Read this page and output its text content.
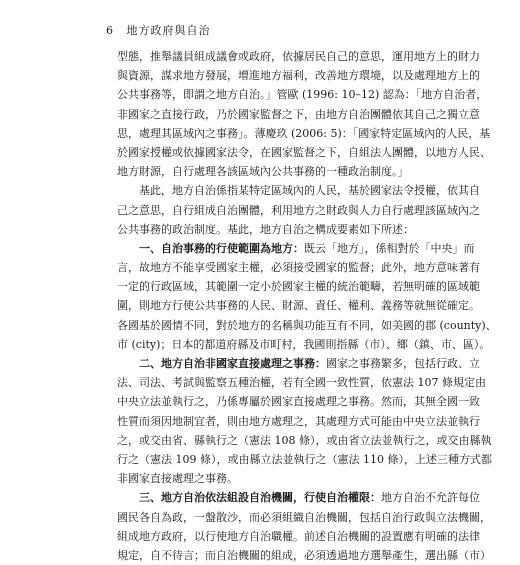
6 地方政府與自治
型態，推舉議員組成議會或政府，依據居民自己的意思，運用地方上的財力
與資源，謀求地方發展，增進地方福利，改善地方環境，以及處理地方上的
公共事務等，即謂之地方自治。」管歐 (1996: 10–12) 認為：「地方自治者，
非國家之直接行政，乃於國家監督之下，由地方自治團體依其自己之獨立意
思，處理其區域內之事務」。薄慶玖 (2006: 5)：「國家特定區域內的人民，基
於國家授權或依據國家法令，在國家監督之下，自組法人團體，以地方人民、
地方財源，自行處理各該區域內公共事務的一種政治制度。」
基此，地方自治係指某特定區域內的人民，基於國家法令授權，依其自
己之意思，自行組成自治團體，利用地方之財政與人力自行處理該區域內之
公共事務的政治制度。基此，地方自治之構成要素如下所述：
一、自治事務的行使範圍為地方：既云「地方」，係相對於「中央」而
言，故地方不能享受國家主權，必須接受國家的監督；此外，地方意味著有
一定的行政區域，其範圍一定小於國家主權的統治範疇，若無明確的區域範
圍，則地方行使公共事務的人民、財源、責任、權利、義務等就無從確定。
各國基於國情不同，對於地方的名稱與功能互有不同，如美國的郡 (county)、
市 (city)；日本的都道府縣及市町村，我國則指縣（市）、鄉（鎮、市、區）。
二、地方自治非國家直接處理之事務：國家之事務繁多，包括行政、立
法、司法、考試與監察五種治權，若有全國一致性質，依憲法 107 條規定由
中央立法並執行之，乃係專屬於國家直接處理之事務。然而，其無全國一致
性質而須因地制宜者，則由地方處理之，其處理方式可能由中央立法並執行
之，或交由省、縣執行之（憲法 108 條），或由省立法並執行之，或交由縣執
行之（憲法 109 條），或由縣立法並執行之（憲法 110 條），上述三種方式都
非國家直接處理之事務。
三、地方自治依法組設自治機關，行使自治權限：地方自治不允許每位
國民各自為政，一盤散沙，而必須組織自治機關，包括自治行政與立法機關，
組成地方政府，以行使地方自治職權。前述自治機關的設置應有明確的法律
規定，自不待言；而自治機關的組成，必須透過地方選舉產生，選出縣（市）
